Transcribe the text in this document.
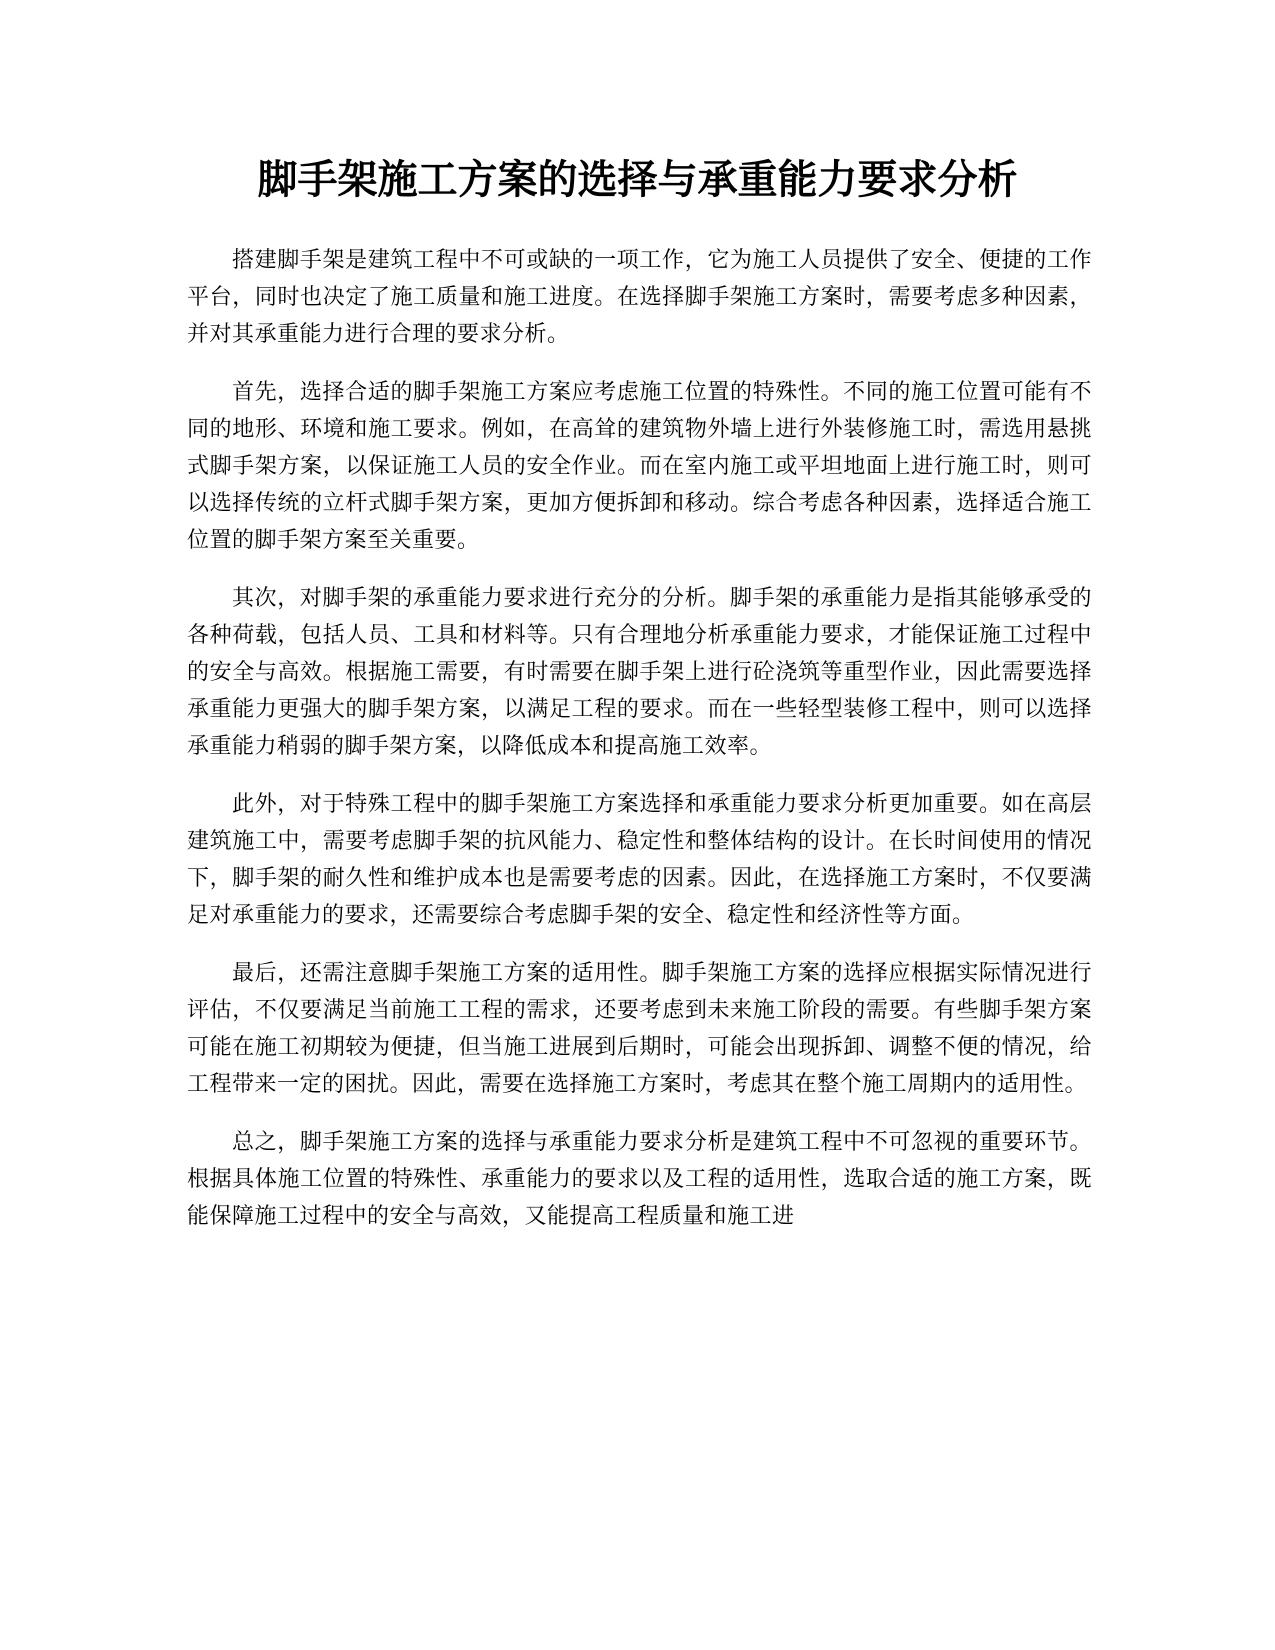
脚手架施工方案的选择与承重能力要求分析

搭建脚手架是建筑工程中不可或缺的一项工作，它为施工人员提供了安全、便捷的工作平台，同时也决定了施工质量和施工进度。在选择脚手架施工方案时，需要考虑多种因素，并对其承重能力进行合理的要求分析。

首先，选择合适的脚手架施工方案应考虑施工位置的特殊性。不同的施工位置可能有不同的地形、环境和施工要求。例如，在高耸的建筑物外墙上进行外装修施工时，需选用悬挑式脚手架方案，以保证施工人员的安全作业。而在室内施工或平坦地面上进行施工时，则可以选择传统的立杆式脚手架方案，更加方便拆卸和移动。综合考虑各种因素，选择适合施工位置的脚手架方案至关重要。

其次，对脚手架的承重能力要求进行充分的分析。脚手架的承重能力是指其能够承受的各种荷载，包括人员、工具和材料等。只有合理地分析承重能力要求，才能保证施工过程中的安全与高效。根据施工需要，有时需要在脚手架上进行砼浇筑等重型作业，因此需要选择承重能力更强大的脚手架方案，以满足工程的要求。而在一些轻型装修工程中，则可以选择承重能力稍弱的脚手架方案，以降低成本和提高施工效率。

此外，对于特殊工程中的脚手架施工方案选择和承重能力要求分析更加重要。如在高层建筑施工中，需要考虑脚手架的抗风能力、稳定性和整体结构的设计。在长时间使用的情况下，脚手架的耐久性和维护成本也是需要考虑的因素。因此，在选择施工方案时，不仅要满足对承重能力的要求，还需要综合考虑脚手架的安全、稳定性和经济性等方面。

最后，还需注意脚手架施工方案的适用性。脚手架施工方案的选择应根据实际情况进行评估，不仅要满足当前施工工程的需求，还要考虑到未来施工阶段的需要。有些脚手架方案可能在施工初期较为便捷，但当施工进展到后期时，可能会出现拆卸、调整不便的情况，给工程带来一定的困扰。因此，需要在选择施工方案时，考虑其在整个施工周期内的适用性。

总之，脚手架施工方案的选择与承重能力要求分析是建筑工程中不可忽视的重要环节。根据具体施工位置的特殊性、承重能力的要求以及工程的适用性，选取合适的施工方案，既能保障施工过程中的安全与高效，又能提高工程质量和施工进
